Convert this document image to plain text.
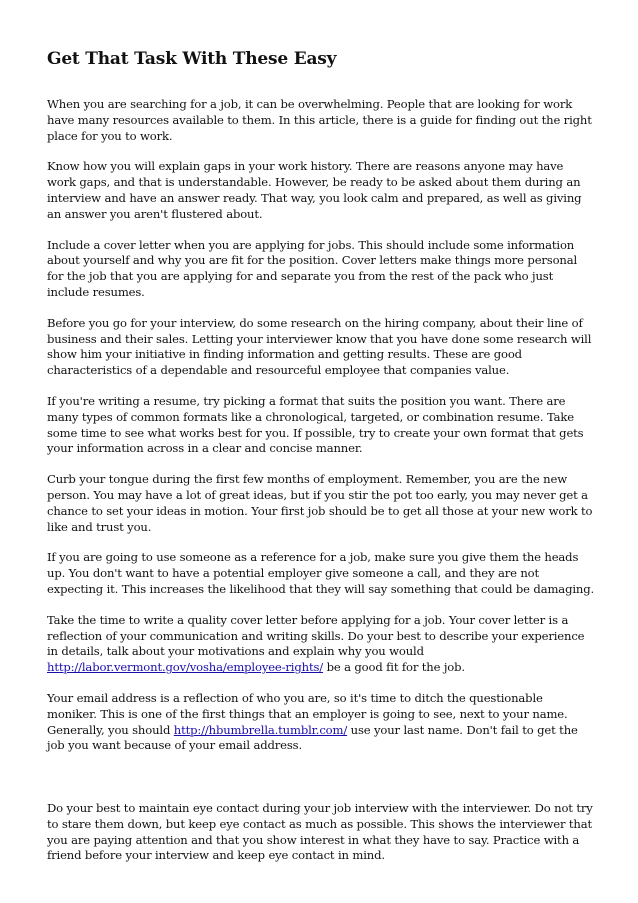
Get That Task With These Easy

When you are searching for a job, it can be overwhelming. People that are looking for work have many resources available to them. In this article, there is a guide for finding out the right place for you to work.

Know how you will explain gaps in your work history. There are reasons anyone may have work gaps, and that is understandable. However, be ready to be asked about them during an interview and have an answer ready. That way, you look calm and prepared, as well as giving an answer you aren't flustered about.

Include a cover letter when you are applying for jobs. This should include some information about yourself and why you are fit for the position. Cover letters make things more personal for the job that you are applying for and separate you from the rest of the pack who just include resumes.

Before you go for your interview, do some research on the hiring company, about their line of business and their sales. Letting your interviewer know that you have done some research will show him your initiative in finding information and getting results. These are good characteristics of a dependable and resourceful employee that companies value.

If you're writing a resume, try picking a format that suits the position you want. There are many types of common formats like a chronological, targeted, or combination resume. Take some time to see what works best for you. If possible, try to create your own format that gets your information across in a clear and concise manner.

Curb your tongue during the first few months of employment. Remember, you are the new person. You may have a lot of great ideas, but if you stir the pot too early, you may never get a chance to set your ideas in motion. Your first job should be to get all those at your new work to like and trust you.

If you are going to use someone as a reference for a job, make sure you give them the heads up. You don't want to have a potential employer give someone a call, and they are not expecting it. This increases the likelihood that they will say something that could be damaging.

Take the time to write a quality cover letter before applying for a job. Your cover letter is a reflection of your communication and writing skills. Do your best to describe your experience in details, talk about your motivations and explain why you would http://labor.vermont.gov/vosha/employee-rights/ be a good fit for the job.

Your email address is a reflection of who you are, so it's time to ditch the questionable moniker. This is one of the first things that an employer is going to see, next to your name. Generally, you should http://hbumbrella.tumblr.com/ use your last name. Don't fail to get the job you want because of your email address.

Do your best to maintain eye contact during your job interview with the interviewer. Do not try to stare them down, but keep eye contact as much as possible. This shows the interviewer that you are paying attention and that you show interest in what they have to say. Practice with a friend before your interview and keep eye contact in mind.
